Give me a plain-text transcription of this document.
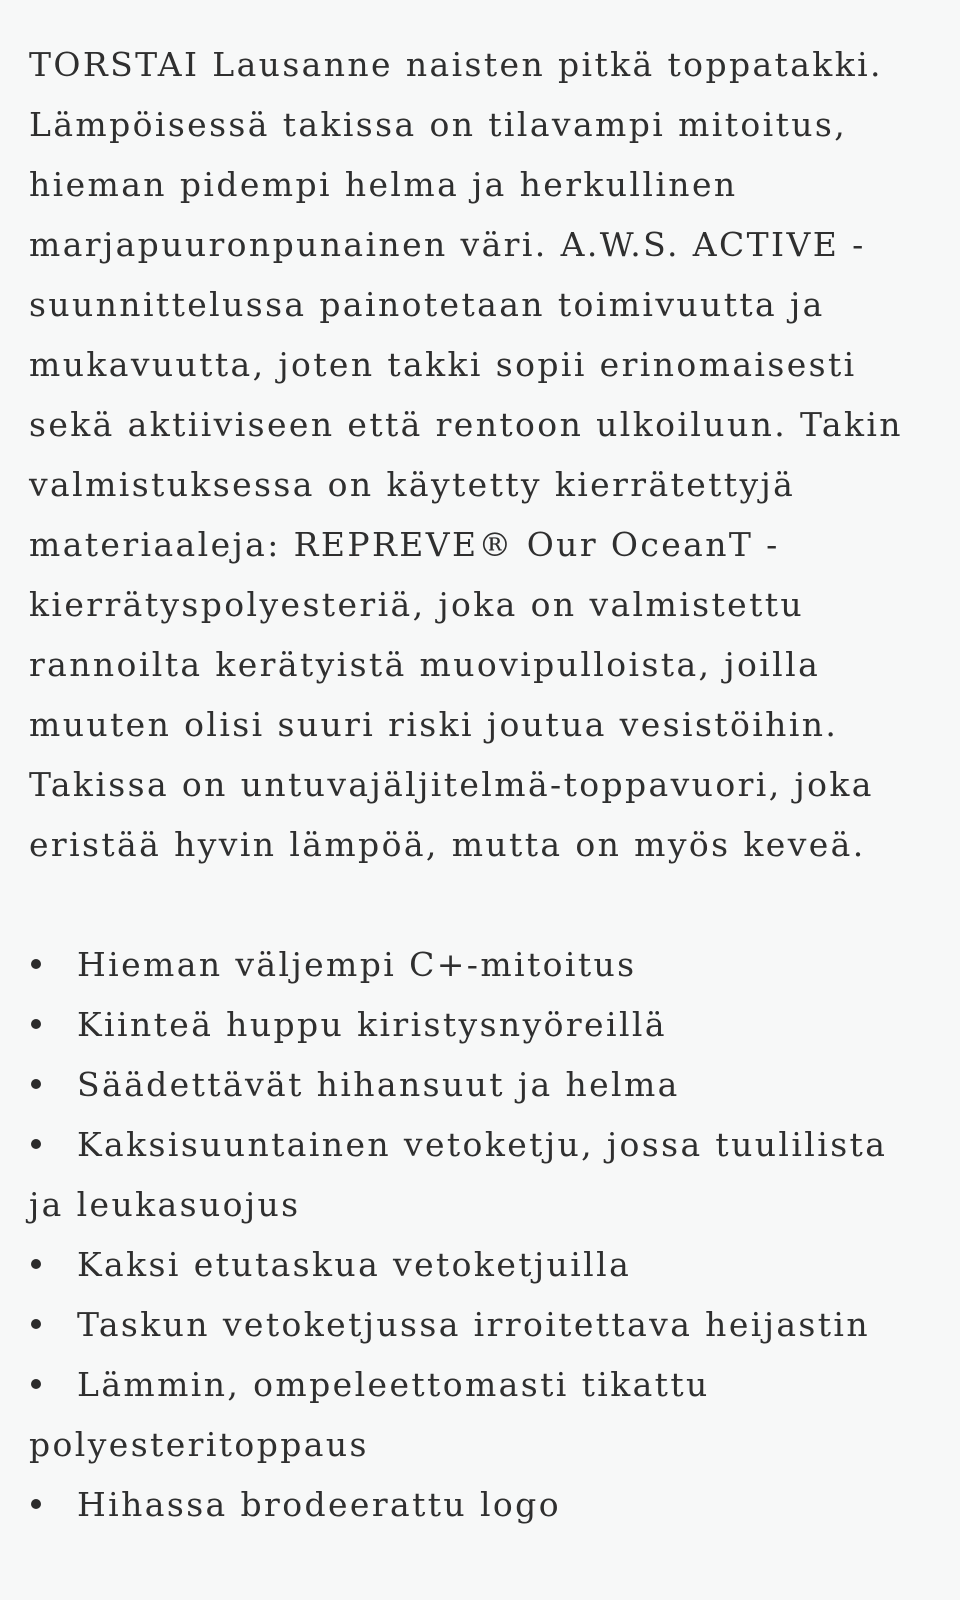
TORSTAI Lausanne naisten pitkä toppatakki. Lämpöisessä takissa on tilavampi mitoitus, hieman pidempi helma ja herkullinen marjapuuronpunainen väri. A.W.S. ACTIVE -suunnittelussa painotetaan toimivuutta ja mukavuutta, joten takki sopii erinomaisesti sekä aktiiviseen että rentoon ulkoiluun. Takin valmistuksessa on käytetty kierrätettyjä materiaaleja: REPREVE® Our OceanT -kierrätyspolyesteriä, joka on valmistettu rannoilta kerätyistä muovipulloista, joilla muuten olisi suuri riski joutua vesistöihin. Takissa on untuvajäljitelmä-toppavuori, joka eristää hyvin lämpöä, mutta on myös keveä.

Hieman väljempi C+-mitoitus
Kiinteä huppu kiristysnyöreillä
Säädettävät hihansuut ja helma
Kaksisuuntainen vetoketju, jossa tuulilista ja leukasuojus
Kaksi etutaskua vetoketjuilla
Taskun vetoketjussa irroitettava heijastin
Lämmin, ompeleettomasti tikattu polyesteritoppaus
Hihassa brodeerattu logo
